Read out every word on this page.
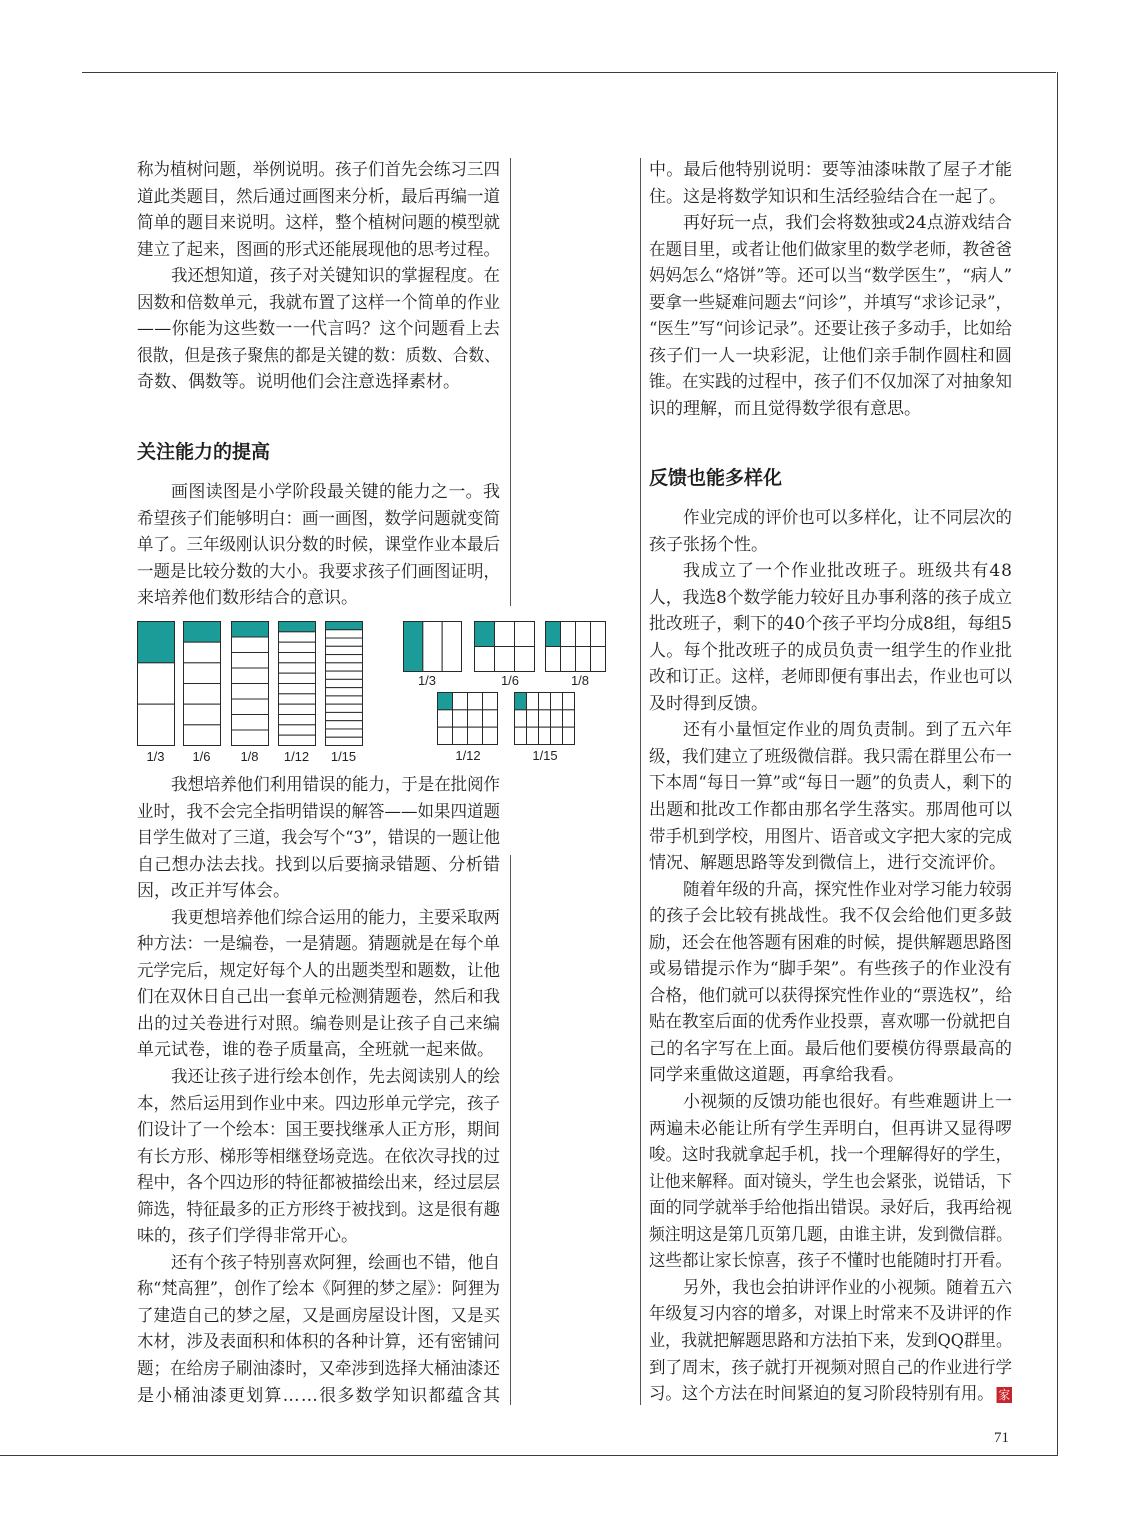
称为植树问题，举例说明。孩子们首先会练习三四
道此类题目，然后通过画图来分析，最后再编一道
简单的题目来说明。这样，整个植树问题的模型就
建立了起来，图画的形式还能展现他的思考过程。
我还想知道，孩子对关键知识的掌握程度。在
因数和倍数单元，我就布置了这样一个简单的作业
——你能为这些数一一代言吗？这个问题看上去
很散，但是孩子聚焦的都是关键的数：质数、合数、
奇数、偶数等。说明他们会注意选择素材。
关注能力的提高
画图读图是小学阶段最关键的能力之一。我
希望孩子们能够明白：画一画图，数学问题就变简
单了。三年级刚认识分数的时候，课堂作业本最后
一题是比较分数的大小。我要求孩子们画图证明，
来培养他们数形结合的意识。
1/3 1/6 1/8 1/12 1/15
1/3	1/6	1/8
1/12	1/15
我想培养他们利用错误的能力，于是在批阅作
业时，我不会完全指明错误的解答——如果四道题
目学生做对了三道，我会写个“3”，错误的一题让他
自己想办法去找。找到以后要摘录错题、分析错
因，改正并写体会。
我更想培养他们综合运用的能力，主要采取两
种方法：一是编卷，一是猜题。猜题就是在每个单
元学完后，规定好每个人的出题类型和题数，让他
们在双休日自己出一套单元检测猜题卷，然后和我
出的过关卷进行对照。编卷则是让孩子自己来编
单元试卷，谁的卷子质量高，全班就一起来做。
我还让孩子进行绘本创作，先去阅读别人的绘
本，然后运用到作业中来。四边形单元学完，孩子
们设计了一个绘本：国王要找继承人正方形，期间
有长方形、梯形等相继登场竞选。在依次寻找的过
程中，各个四边形的特征都被描绘出来，经过层层
筛选，特征最多的正方形终于被找到。这是很有趣
味的，孩子们学得非常开心。
还有个孩子特别喜欢阿狸，绘画也不错，他自
称“梵高狸”，创作了绘本《阿狸的梦之屋》：阿狸为
了建造自己的梦之屋，又是画房屋设计图，又是买
木材，涉及表面积和体积的各种计算，还有密铺问
题；在给房子刷油漆时，又牵涉到选择大桶油漆还
是小桶油漆更划算……很多数学知识都蕴含其
中。最后他特别说明：要等油漆味散了屋子才能
住。这是将数学知识和生活经验结合在一起了。
再好玩一点，我们会将数独或24点游戏结合
在题目里，或者让他们做家里的数学老师，教爸爸
妈妈怎么“烙饼”等。还可以当“数学医生”，“病人”
要拿一些疑难问题去“问诊”，并填写“求诊记录”，
“医生”写“问诊记录”。还要让孩子多动手，比如给
孩子们一人一块彩泥，让他们亲手制作圆柱和圆
锥。在实践的过程中，孩子们不仅加深了对抽象知
识的理解，而且觉得数学很有意思。
反馈也能多样化
作业完成的评价也可以多样化，让不同层次的
孩子张扬个性。
我成立了一个作业批改班子。班级共有48
人，我选8个数学能力较好且办事利落的孩子成立
批改班子，剩下的40个孩子平均分成8组，每组5
人。每个批改班子的成员负责一组学生的作业批
改和订正。这样，老师即便有事出去，作业也可以
及时得到反馈。
还有小量恒定作业的周负责制。到了五六年
级，我们建立了班级微信群。我只需在群里公布一
下本周“每日一算”或“每日一题”的负责人，剩下的
出题和批改工作都由那名学生落实。那周他可以
带手机到学校，用图片、语音或文字把大家的完成
情况、解题思路等发到微信上，进行交流评价。
随着年级的升高，探究性作业对学习能力较弱
的孩子会比较有挑战性。我不仅会给他们更多鼓
励，还会在他答题有困难的时候，提供解题思路图
或易错提示作为“脚手架”。有些孩子的作业没有
合格，他们就可以获得探究性作业的“票选权”，给
贴在教室后面的优秀作业投票，喜欢哪一份就把自
己的名字写在上面。最后他们要模仿得票最高的
同学来重做这道题，再拿给我看。
小视频的反馈功能也很好。有些难题讲上一
两遍未必能让所有学生弄明白，但再讲又显得啰
唆。这时我就拿起手机，找一个理解得好的学生，
让他来解释。面对镜头，学生也会紧张，说错话，下
面的同学就举手给他指出错误。录好后，我再给视
频注明这是第几页第几题，由谁主讲，发到微信群。
这些都让家长惊喜，孩子不懂时也能随时打开看。
另外，我也会拍讲评作业的小视频。随着五六
年级复习内容的增多，对课上时常来不及讲评的作
业，我就把解题思路和方法拍下来，发到QQ群里。
到了周末，孩子就打开视频对照自己的作业进行学
习。这个方法在时间紧迫的复习阶段特别有用。 家
71
